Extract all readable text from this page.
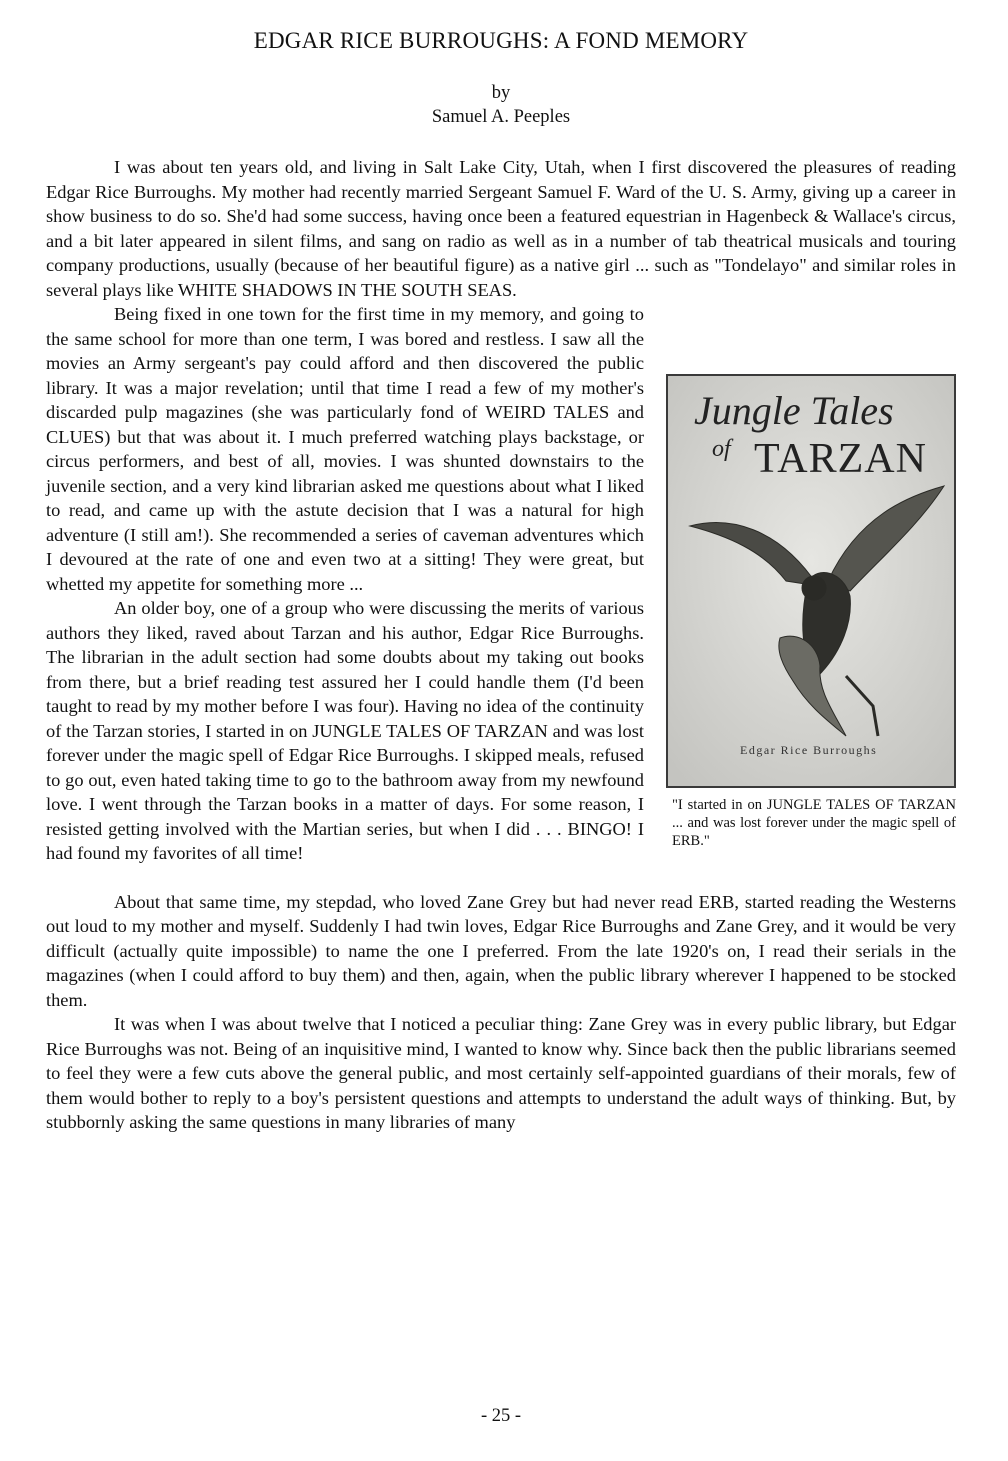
EDGAR RICE BURROUGHS: A FOND MEMORY
by
Samuel A. Peeples

I was about ten years old, and living in Salt Lake City, Utah, when I first discovered the pleasures of reading Edgar Rice Burroughs. My mother had recently married Sergeant Samuel F. Ward of the U. S. Army, giving up a career in show business to do so. She'd had some success, having once been a featured equestrian in Hagenbeck & Wallace's circus, and a bit later appeared in silent films, and sang on radio as well as in a number of tab theatrical musicals and touring company productions, usually (because of her beautiful figure) as a native girl ... such as "Tondelayo" and similar roles in several plays like WHITE SHADOWS IN THE SOUTH SEAS.

Jungle Tales
of TARZAN
Edgar Rice Burroughs
"I started in on JUNGLE TALES OF TARZAN ... and was lost forever under the magic spell of ERB."

Being fixed in one town for the first time in my memory, and going to the same school for more than one term, I was bored and restless. I saw all the movies an Army sergeant's pay could afford and then discovered the public library. It was a major revelation; until that time I read a few of my mother's discarded pulp magazines (she was particularly fond of WEIRD TALES and CLUES) but that was about it. I much preferred watching plays backstage, or circus performers, and best of all, movies. I was shunted downstairs to the juvenile section, and a very kind librarian asked me questions about what I liked to read, and came up with the astute decision that I was a natural for high adventure (I still am!). She recommended a series of caveman adventures which I devoured at the rate of one and even two at a sitting! They were great, but whetted my appetite for something more ...

An older boy, one of a group who were discussing the merits of various authors they liked, raved about Tarzan and his author, Edgar Rice Burroughs. The librarian in the adult section had some doubts about my taking out books from there, but a brief reading test assured her I could handle them (I'd been taught to read by my mother before I was four). Having no idea of the continuity of the Tarzan stories, I started in on JUNGLE TALES OF TARZAN and was lost forever under the magic spell of Edgar Rice Burroughs. I skipped meals, refused to go out, even hated taking time to go to the bathroom away from my newfound love. I went through the Tarzan books in a matter of days. For some reason, I resisted getting involved with the Martian series, but when I did . . . BINGO! I had found my favorites of all time!

About that same time, my stepdad, who loved Zane Grey but had never read ERB, started reading the Westerns out loud to my mother and myself. Suddenly I had twin loves, Edgar Rice Burroughs and Zane Grey, and it would be very difficult (actually quite impossible) to name the one I preferred. From the late 1920's on, I read their serials in the magazines (when I could afford to buy them) and then, again, when the public library wherever I happened to be stocked them.

It was when I was about twelve that I noticed a peculiar thing: Zane Grey was in every public library, but Edgar Rice Burroughs was not. Being of an inquisitive mind, I wanted to know why. Since back then the public librarians seemed to feel they were a few cuts above the general public, and most certainly self-appointed guardians of their morals, few of them would bother to reply to a boy's persistent questions and attempts to understand the adult ways of thinking. But, by stubbornly asking the same questions in many libraries of many

- 25 -
